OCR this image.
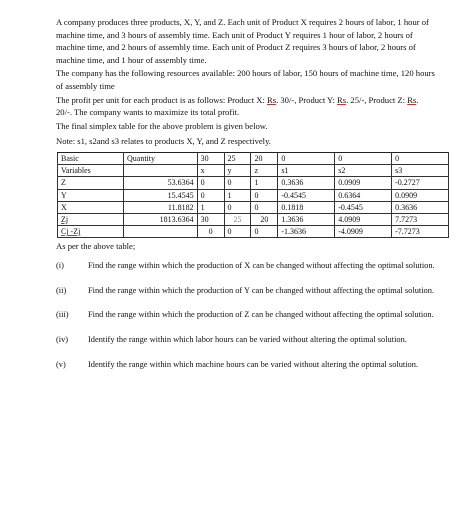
A company produces three products, X, Y, and Z. Each unit of Product X requires 2 hours of labor, 1 hour of machine time, and 3 hours of assembly time. Each unit of Product Y requires 1 hour of labor, 2 hours of machine time, and 2 hours of assembly time. Each unit of Product Z requires 3 hours of labor, 2 hours of machine time, and 1 hour of assembly time.

The company has the following resources available: 200 hours of labor, 150 hours of machine time, 120 hours of assembly time

The profit per unit for each product is as follows: Product X: Rs. 30/-, Product Y: Rs. 25/-, Product Z: Rs. 20/-. The company wants to maximize its total profit.

The final simplex table for the above problem is given below.

Note: s1, s2and s3 relates to products X, Y, and Z respectively.

Basic	Quantity	30	25	20	0	0	0
Variables		x	y	z	s1	s2	s3
Z	53.6364	0	0	1	0.3636	0.0909	-0.2727
Y	15.4545	0	1	0	-0.4545	0.6364	0.0909
X	11.8182	1	0	0	0.1818	-0.4545	0.3636
Zj	1813.6364	30	25	20	1.3636	4.0909	7.7273
Cj -Zj		0	0	0	-1.3636	-4.0909	-7.7273

As per the above table;

(i)	Find the range within which the production of X can be changed without affecting the optimal solution.
(ii)	Find the range within which the production of Y can be changed without affecting the optimal solution.
(iii)	Find the range within which the production of Z can be changed without affecting the optimal solution.
(iv)	Identify the range within which labor hours can be varied without altering the optimal solution.
(v)	Identify the range within which machine hours can be varied without altering the optimal solution.
